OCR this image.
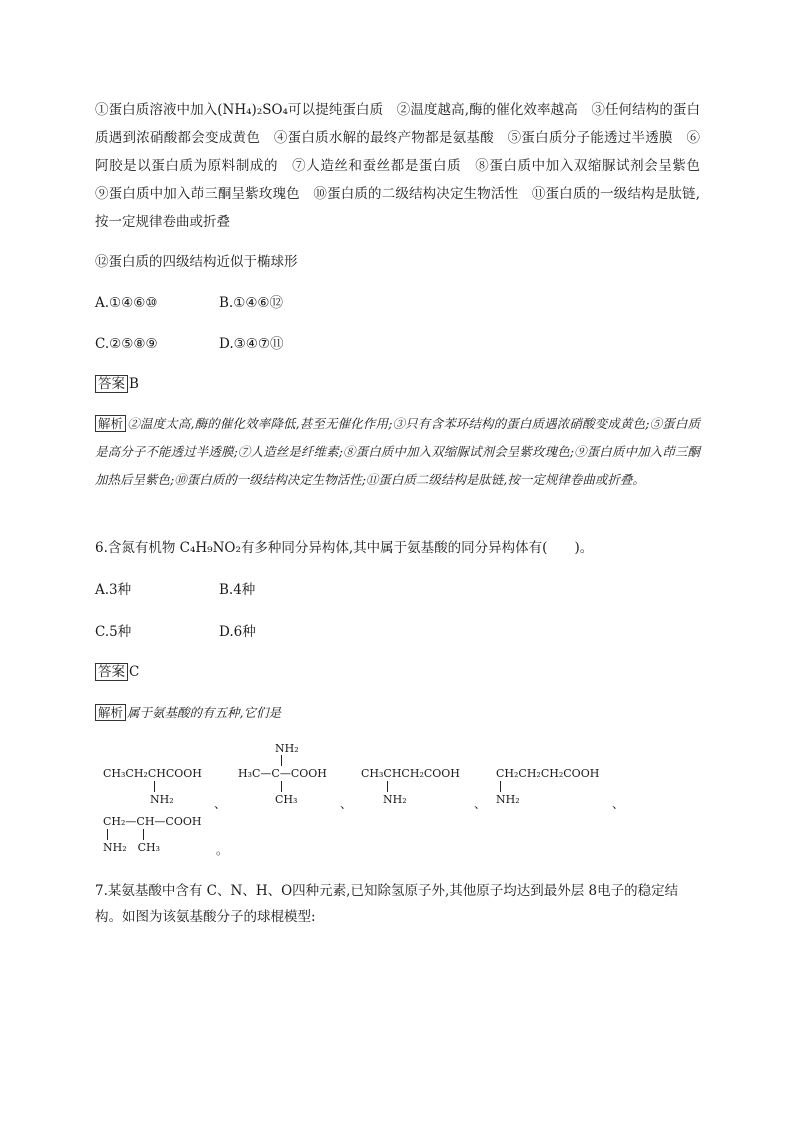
①蛋白质溶液中加入(NH₄)₂SO₄可以提纯蛋白质　②温度越高,酶的催化效率越高　③任何结构的蛋白质遇到浓硝酸都会变成黄色　④蛋白质水解的最终产物都是氨基酸　⑤蛋白质分子能透过半透膜　⑥阿胶是以蛋白质为原料制成的　⑦人造丝和蚕丝都是蛋白质　⑧蛋白质中加入双缩脲试剂会呈紫色　⑨蛋白质中加入茚三酮呈紫玫瑰色　⑩蛋白质的二级结构决定生物活性　⑪蛋白质的一级结构是肽链,按一定规律卷曲或折叠
⑫蛋白质的四级结构近似于椭球形
A.①④⑥⑩	B.①④⑥⑫
C.②⑤⑧⑨	D.③④⑦⑪
答案 B
解析 ②温度太高,酶的催化效率降低,甚至无催化作用;③只有含苯环结构的蛋白质遇浓硝酸变成黄色;⑤蛋白质是高分子不能透过半透膜;⑦人造丝是纤维素;⑧蛋白质中加入双缩脲试剂会呈紫玫瑰色;⑨蛋白质中加入茚三酮加热后呈紫色;⑩蛋白质的一级结构决定生物活性;⑪蛋白质二级结构是肽链,按一定规律卷曲或折叠。
6.含氮有机物 C₄H₉NO₂有多种同分异构体,其中属于氨基酸的同分异构体有(　　)。
A.3种	B.4种
C.5种	D.6种
答案 C
解析 属于氨基酸的有五种,它们是
CH₃CH₂CHCOOH
NH₂	、
NH₂
H₃C—C—COOH
CH₃	、
CH₃CHCH₂COOH
NH₂	、
CH₂CH₂CH₂COOH
NH₂	、
CH₂—CH—COOH
NH₂　CH₃	。
7.某氨基酸中含有 C、N、H、O四种元素,已知除氢原子外,其他原子均达到最外层 8电子的稳定结构。如图为该氨基酸分子的球棍模型:
